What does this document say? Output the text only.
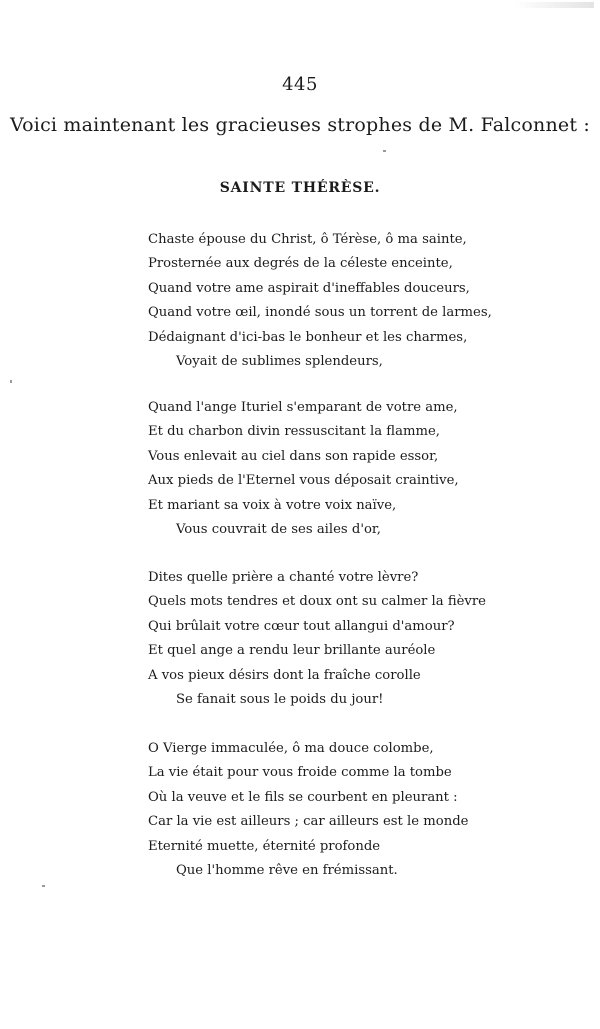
445
Voici maintenant les gracieuses strophes de M. Falconnet :
SAINTE THÉRÈSE.
Chaste épouse du Christ, ô Térèse, ô ma sainte,
Prosternée aux degrés de la céleste enceinte,
Quand votre ame aspirait d'ineffables douceurs,
Quand votre œil, inondé sous un torrent de larmes,
Dédaignant d'ici-bas le bonheur et les charmes,
Voyait de sublimes splendeurs,
Quand l'ange Ituriel s'emparant de votre ame,
Et du charbon divin ressuscitant la flamme,
Vous enlevait au ciel dans son rapide essor,
Aux pieds de l'Eternel vous déposait craintive,
Et mariant sa voix à votre voix naïve,
Vous couvrait de ses ailes d'or,
Dites quelle prière a chanté votre lèvre?
Quels mots tendres et doux ont su calmer la fièvre
Qui brûlait votre cœur tout allangui d'amour?
Et quel ange a rendu leur brillante auréole
A vos pieux désirs dont la fraîche corolle
Se fanait sous le poids du jour!
O Vierge immaculée, ô ma douce colombe,
La vie était pour vous froide comme la tombe
Où la veuve et le fils se courbent en pleurant :
Car la vie est ailleurs ; car ailleurs est le monde
Eternité muette, éternité profonde
Que l'homme rêve en frémissant.
